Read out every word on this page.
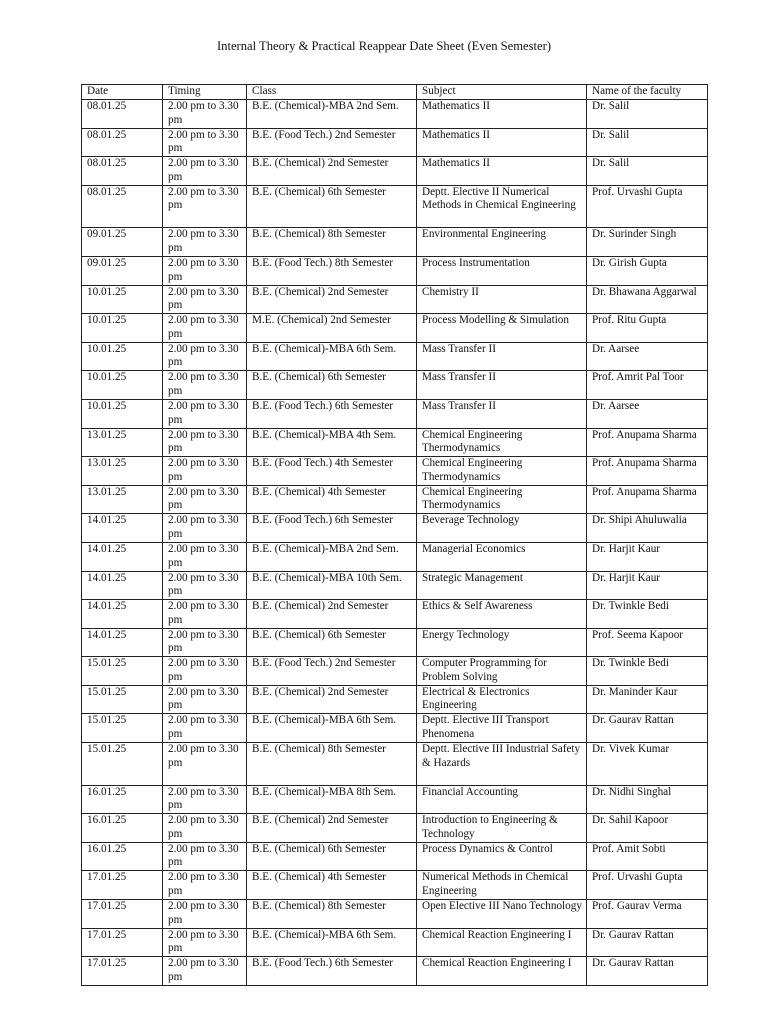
Internal Theory & Practical Reappear Date Sheet (Even Semester)
Date	Timing	Class	Subject	Name of the faculty
08.01.25	2.00 pm to 3.30 pm	B.E. (Chemical)-MBA 2nd Sem.	Mathematics II	Dr. Salil
08.01.25	2.00 pm to 3.30 pm	B.E. (Food Tech.) 2nd Semester	Mathematics II	Dr. Salil
08.01.25	2.00 pm to 3.30 pm	B.E. (Chemical) 2nd Semester	Mathematics II	Dr. Salil
08.01.25	2.00 pm to 3.30 pm	B.E. (Chemical) 6th Semester	Deptt. Elective II Numerical Methods in Chemical Engineering	Prof. Urvashi Gupta
09.01.25	2.00 pm to 3.30 pm	B.E. (Chemical) 8th Semester	Environmental Engineering	Dr. Surinder Singh
09.01.25	2.00 pm to 3.30 pm	B.E. (Food Tech.) 8th Semester	Process Instrumentation	Dr. Girish Gupta
10.01.25	2.00 pm to 3.30 pm	B.E. (Chemical) 2nd Semester	Chemistry II	Dr. Bhawana Aggarwal
10.01.25	2.00 pm to 3.30 pm	M.E. (Chemical) 2nd Semester	Process Modelling & Simulation	Prof. Ritu Gupta
10.01.25	2.00 pm to 3.30 pm	B.E. (Chemical)-MBA 6th Sem.	Mass Transfer II	Dr. Aarsee
10.01.25	2.00 pm to 3.30 pm	B.E. (Chemical) 6th Semester	Mass Transfer II	Prof. Amrit Pal Toor
10.01.25	2.00 pm to 3.30 pm	B.E. (Food Tech.) 6th Semester	Mass Transfer II	Dr. Aarsee
13.01.25	2.00 pm to 3.30 pm	B.E. (Chemical)-MBA 4th Sem.	Chemical Engineering Thermodynamics	Prof. Anupama Sharma
13.01.25	2.00 pm to 3.30 pm	B.E. (Food Tech.) 4th Semester	Chemical Engineering Thermodynamics	Prof. Anupama Sharma
13.01.25	2.00 pm to 3.30 pm	B.E. (Chemical) 4th Semester	Chemical Engineering Thermodynamics	Prof. Anupama Sharma
14.01.25	2.00 pm to 3.30 pm	B.E. (Food Tech.) 6th Semester	Beverage Technology	Dr. Shipi Ahuluwalia
14.01.25	2.00 pm to 3.30 pm	B.E. (Chemical)-MBA 2nd Sem.	Managerial Economics	Dr. Harjit Kaur
14.01.25	2.00 pm to 3.30 pm	B.E. (Chemical)-MBA 10th Sem.	Strategic Management	Dr. Harjit Kaur
14.01.25	2.00 pm to 3.30 pm	B.E. (Chemical) 2nd Semester	Ethics & Self Awareness	Dr. Twinkle Bedi
14.01.25	2.00 pm to 3.30 pm	B.E. (Chemical) 6th Semester	Energy Technology	Prof. Seema Kapoor
15.01.25	2.00 pm to 3.30 pm	B.E. (Food Tech.) 2nd Semester	Computer Programming for Problem Solving	Dr. Twinkle Bedi
15.01.25	2.00 pm to 3.30 pm	B.E. (Chemical) 2nd Semester	Electrical & Electronics Engineering	Dr. Maninder Kaur
15.01.25	2.00 pm to 3.30 pm	B.E. (Chemical)-MBA 6th Sem.	Deptt. Elective III Transport Phenomena	Dr. Gaurav Rattan
15.01.25	2.00 pm to 3.30 pm	B.E. (Chemical) 8th Semester	Deptt. Elective III Industrial Safety & Hazards	Dr. Vivek Kumar
16.01.25	2.00 pm to 3.30 pm	B.E. (Chemical)-MBA 8th Sem.	Financial Accounting	Dr. Nidhi Singhal
16.01.25	2.00 pm to 3.30 pm	B.E. (Chemical) 2nd Semester	Introduction to Engineering & Technology	Dr. Sahil Kapoor
16.01.25	2.00 pm to 3.30 pm	B.E. (Chemical) 6th Semester	Process Dynamics & Control	Prof. Amit Sobti
17.01.25	2.00 pm to 3.30 pm	B.E. (Chemical) 4th Semester	Numerical Methods in Chemical Engineering	Prof. Urvashi Gupta
17.01.25	2.00 pm to 3.30 pm	B.E. (Chemical) 8th Semester	Open Elective III Nano Technology	Prof. Gaurav Verma
17.01.25	2.00 pm to 3.30 pm	B.E. (Chemical)-MBA 6th Sem.	Chemical Reaction Engineering I	Dr. Gaurav Rattan
17.01.25	2.00 pm to 3.30 pm	B.E. (Food Tech.) 6th Semester	Chemical Reaction Engineering I	Dr. Gaurav Rattan
